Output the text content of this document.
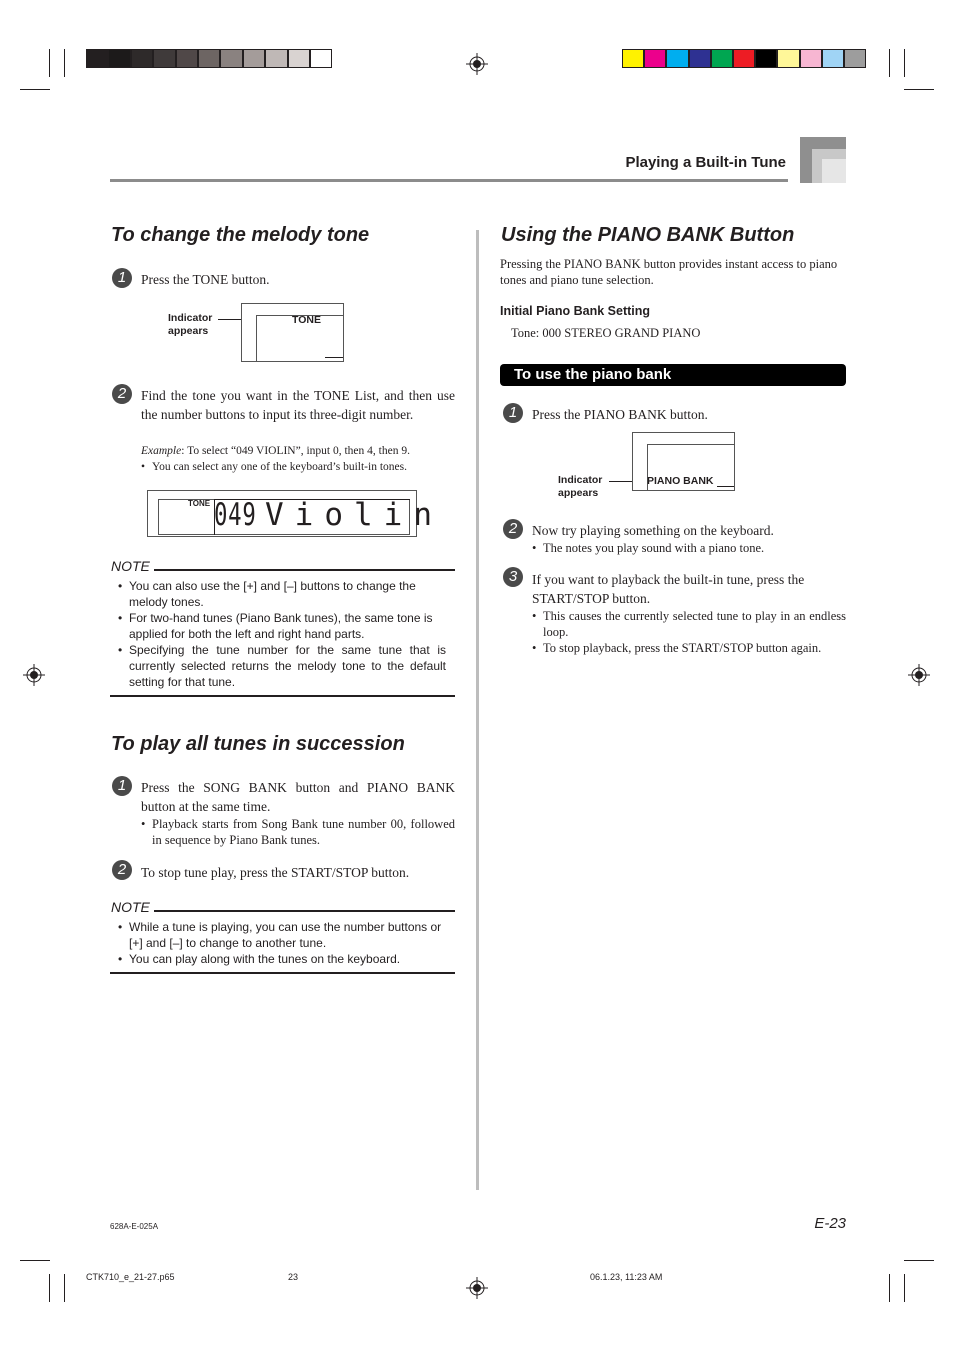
Playing a Built-in Tune
To change the melody tone
1	Press the TONE button.
Indicator
appears
TONE
2	Find the tone you want in the TONE List, and then use the number buttons to input its three-digit number.
Example: To select “049 VIOLIN”, input 0, then 4, then 9.
• You can select any one of the keyboard’s built-in tones.
TONE 049 Violin
NOTE
• You can also use the [+] and [–] buttons to change the melody tones.
• For two-hand tunes (Piano Bank tunes), the same tone is applied for both the left and right hand parts.
• Specifying the tune number for the same tune that is currently selected returns the melody tone to the default setting for that tune.
To play all tunes in succession
1	Press the SONG BANK button and PIANO BANK button at the same time.
• Playback starts from Song Bank tune number 00, followed in sequence by Piano Bank tunes.
2	To stop tune play, press the START/STOP button.
NOTE
• While a tune is playing, you can use the number buttons or [+] and [–] to change to another tune.
• You can play along with the tunes on the keyboard.
Using the PIANO BANK Button
Pressing the PIANO BANK button provides instant access to piano tones and piano tune selection.
Initial Piano Bank Setting
Tone: 000 STEREO GRAND PIANO
To use the piano bank
1	Press the PIANO BANK button.
Indicator
appears
PIANO BANK
2	Now try playing something on the keyboard.
• The notes you play sound with a piano tone.
3	If you want to playback the built-in tune, press the START/STOP button.
• This causes the currently selected tune to play in an endless loop.
• To stop playback, press the START/STOP button again.
E-23
628A-E-025A
CTK710_e_21-27.p65	23	06.1.23, 11:23 AM
